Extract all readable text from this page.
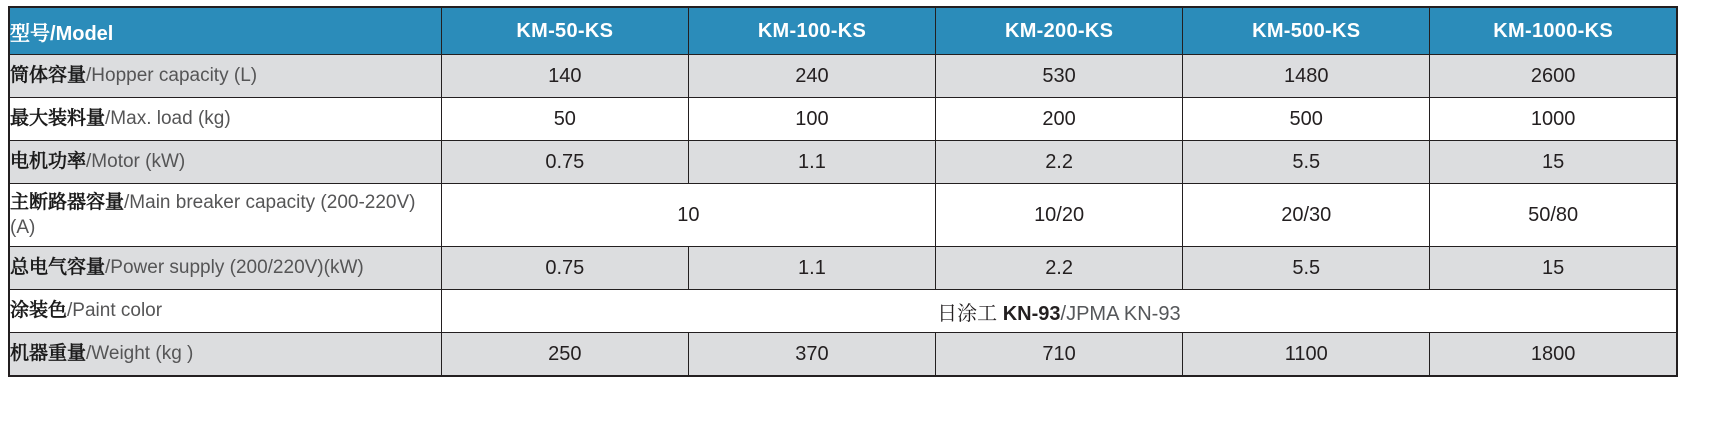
型号/Model	KM-50-KS	KM-100-KS	KM-200-KS	KM-500-KS	KM-1000-KS
筒体容量/Hopper capacity (L)	140	240	530	1480	2600
最大装料量/Max. load (kg)	50	100	200	500	1000
电机功率/Motor (kW)	0.75	1.1	2.2	5.5	15
主断路器容量/Main breaker capacity (200-220V)(A)	10		10/20	20/30	50/80
总电气容量/Power supply (200/220V)(kW)	0.75	1.1	2.2	5.5	15
涂装色/Paint color	日涂工 KN-93/JPMA KN-93				
机器重量/Weight (kg )	250	370	710	1100	1800
